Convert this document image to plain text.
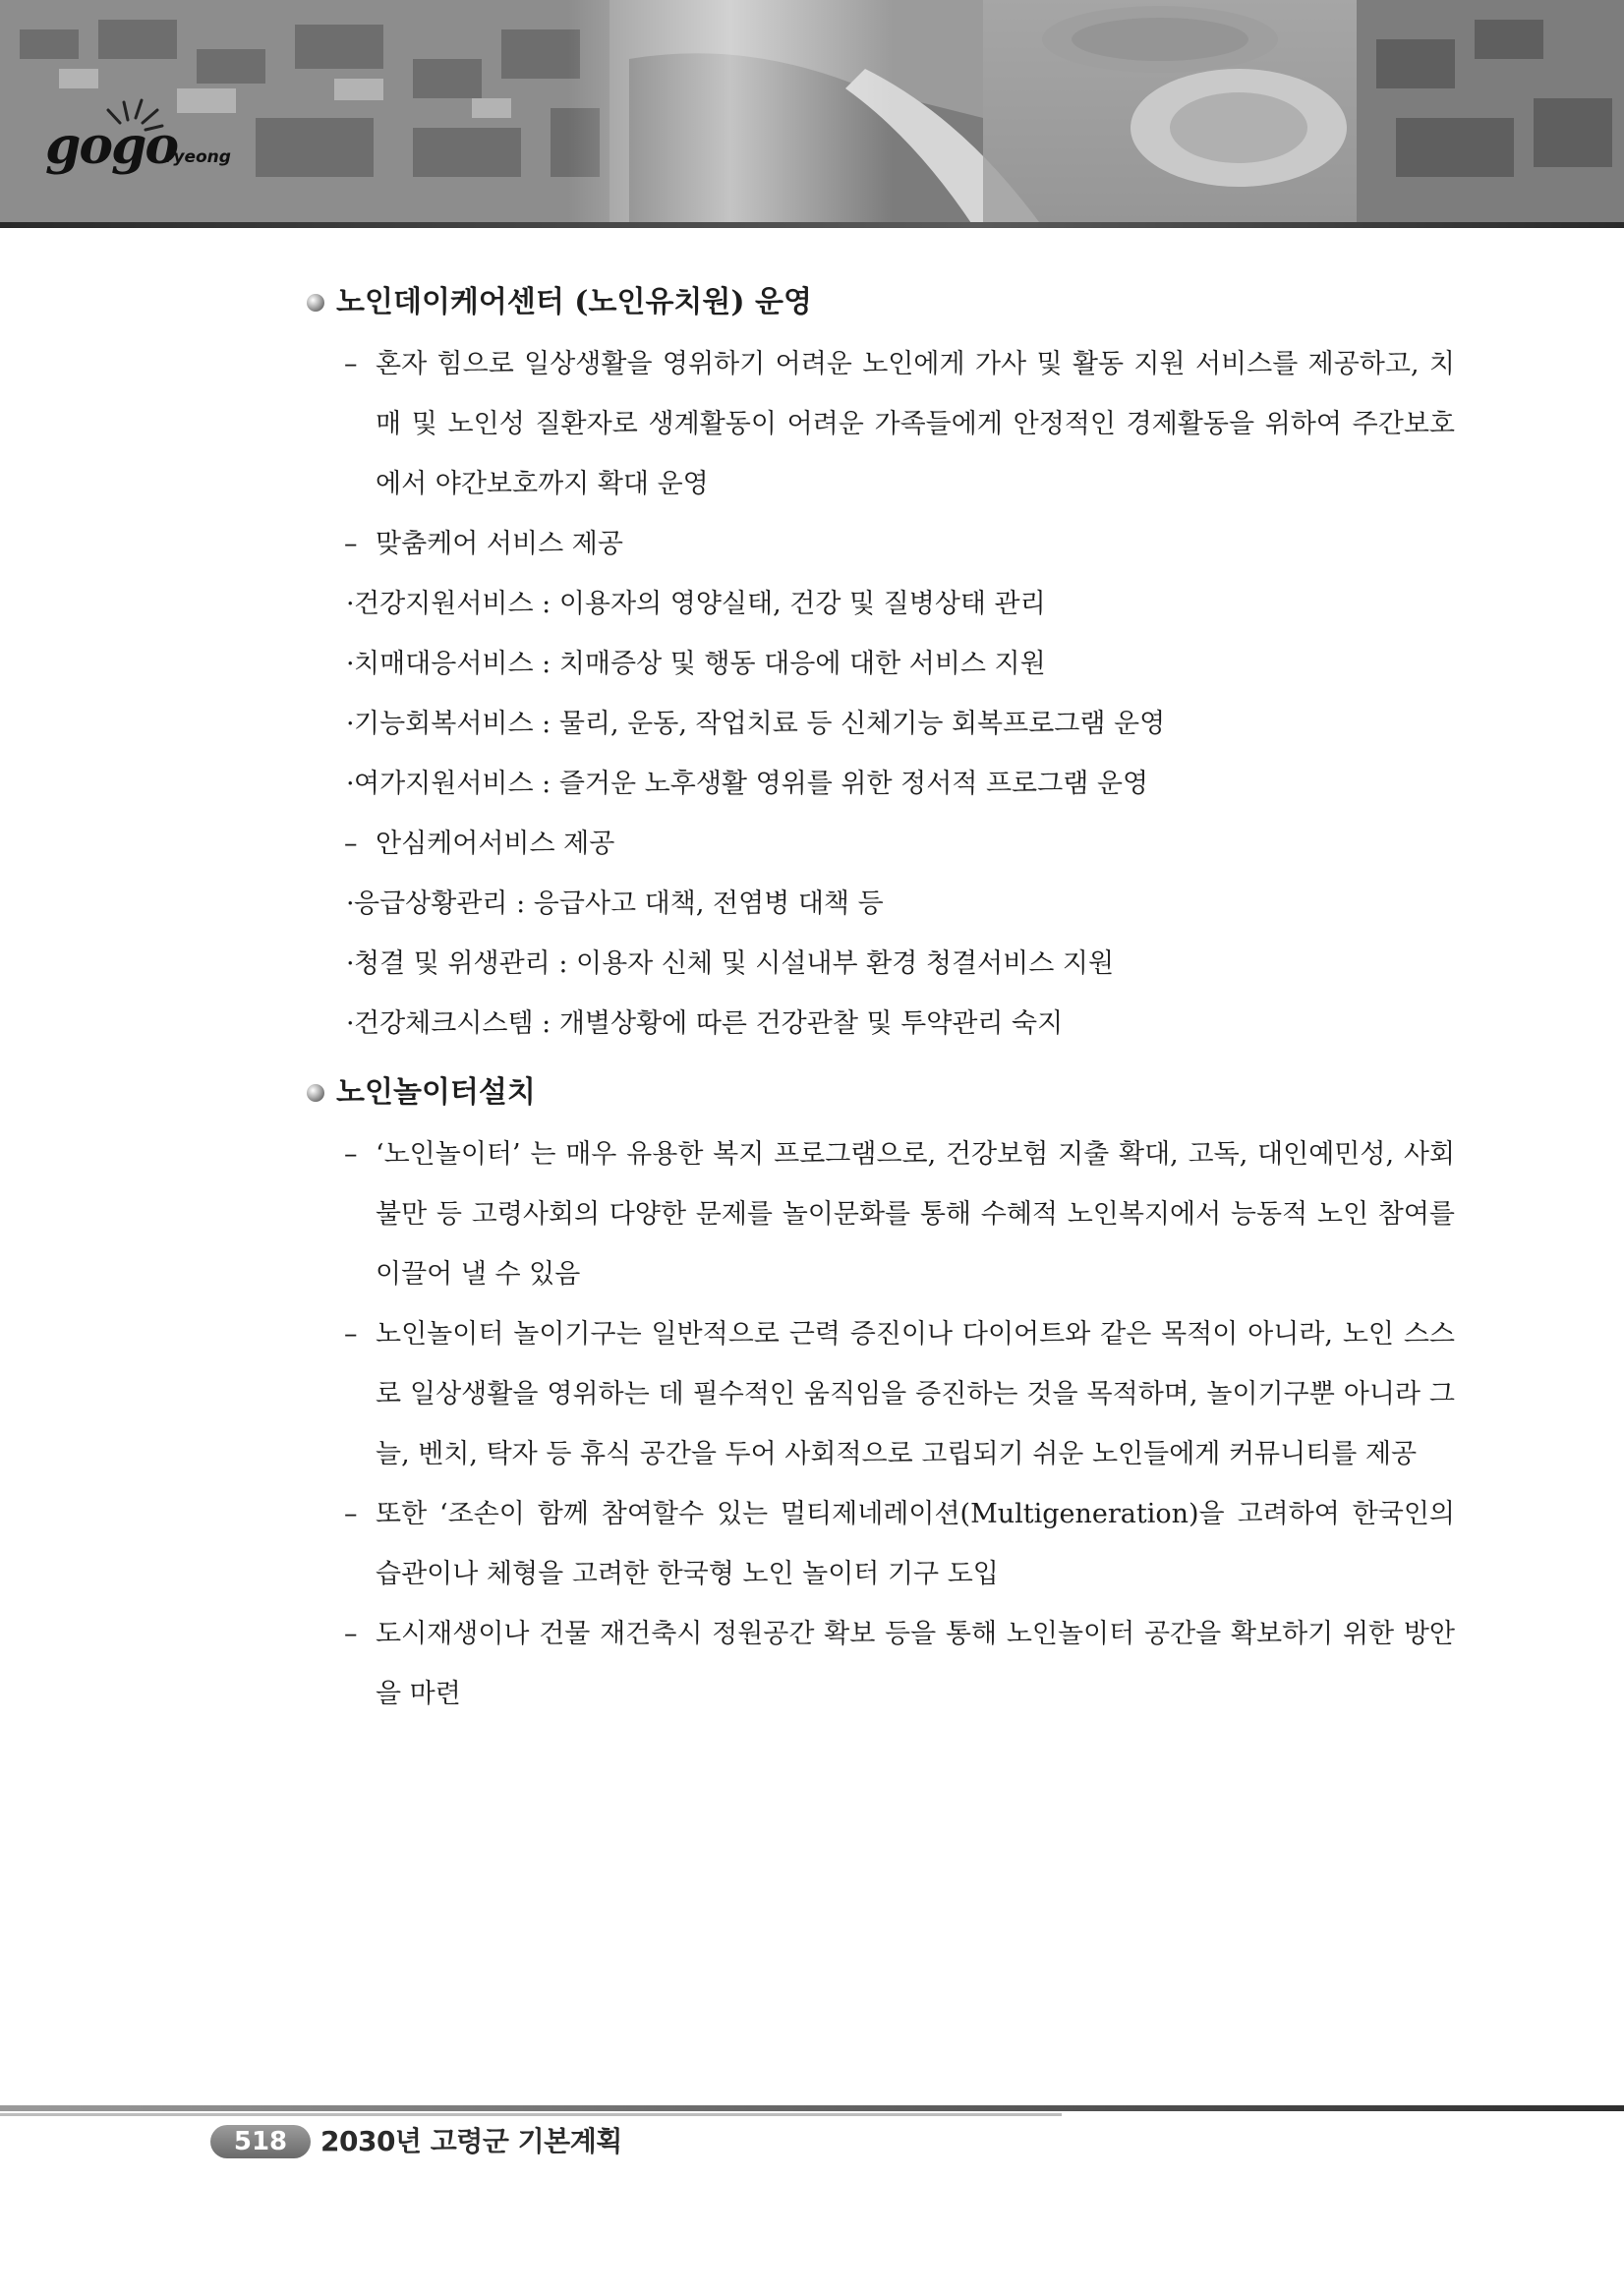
gogo
ryeong
노인데이케어센터 (노인유치원) 운영
– 혼자 힘으로 일상생활을 영위하기 어려운 노인에게 가사 및 활동 지원 서비스를 제공하고, 치매 및 노인성 질환자로 생계활동이 어려운 가족들에게 안정적인 경제활동을 위하여 주간보호에서 야간보호까지 확대 운영
– 맞춤케어 서비스 제공
· 건강지원서비스 : 이용자의 영양실태, 건강 및 질병상태 관리
· 치매대응서비스 : 치매증상 및 행동 대응에 대한 서비스 지원
· 기능회복서비스 : 물리, 운동, 작업치료 등 신체기능 회복프로그램 운영
· 여가지원서비스 : 즐거운 노후생활 영위를 위한 정서적 프로그램 운영
– 안심케어서비스 제공
· 응급상황관리 : 응급사고 대책, 전염병 대책 등
· 청결 및 위생관리 : 이용자 신체 및 시설내부 환경 청결서비스 지원
· 건강체크시스템 : 개별상황에 따른 건강관찰 및 투약관리 숙지
노인놀이터설치
– ‘노인놀이터’ 는 매우 유용한 복지 프로그램으로, 건강보험 지출 확대, 고독, 대인예민성, 사회 불만 등 고령사회의 다양한 문제를 놀이문화를 통해 수혜적 노인복지에서 능동적 노인 참여를 이끌어 낼 수 있음
– 노인놀이터 놀이기구는 일반적으로 근력 증진이나 다이어트와 같은 목적이 아니라, 노인 스스로 일상생활을 영위하는 데 필수적인 움직임을 증진하는 것을 목적하며, 놀이기구뿐 아니라 그늘, 벤치, 탁자 등 휴식 공간을 두어 사회적으로 고립되기 쉬운 노인들에게 커뮤니티를 제공
– 또한 ‘조손이 함께 참여할수 있는 멀티제네레이션(Multigeneration)을 고려하여 한국인의 습관이나 체형을 고려한 한국형 노인 놀이터 기구 도입
– 도시재생이나 건물 재건축시 정원공간 확보 등을 통해 노인놀이터 공간을 확보하기 위한 방안을 마련
518	2030년 고령군 기본계획
